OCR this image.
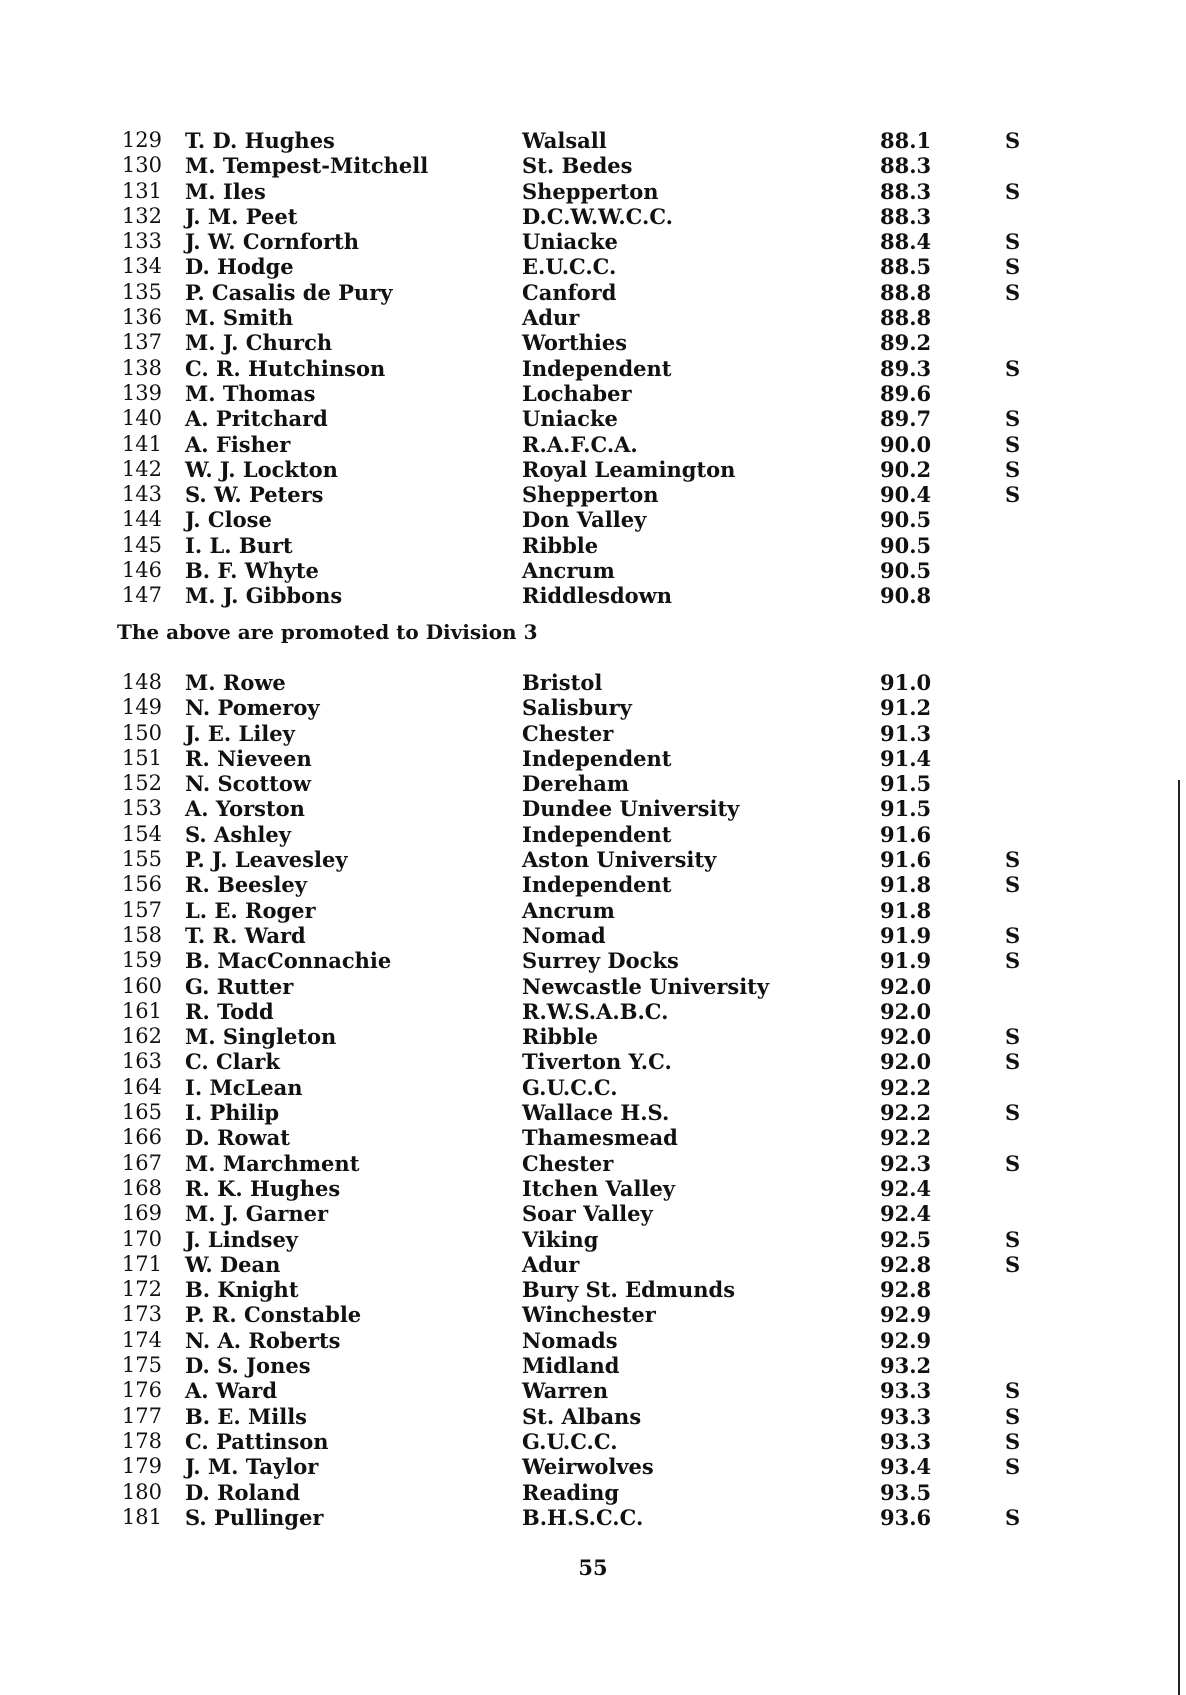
129 T. D. Hughes	Walsall	88.1	S
130 M. Tempest-Mitchell	St. Bedes	88.3
131 M. Iles	Shepperton	88.3	S
132 J. M. Peet	D.C.W.W.C.C.	88.3
133 J. W. Cornforth	Uniacke	88.4	S
134 D. Hodge	E.U.C.C.	88.5	S
135 P. Casalis de Pury	Canford	88.8	S
136 M. Smith	Adur	88.8
137 M. J. Church	Worthies	89.2
138 C. R. Hutchinson	Independent	89.3	S
139 M. Thomas	Lochaber	89.6
140 A. Pritchard	Uniacke	89.7	S
141 A. Fisher	R.A.F.C.A.	90.0	S
142 W. J. Lockton	Royal Leamington	90.2	S
143 S. W. Peters	Shepperton	90.4	S
144 J. Close	Don Valley	90.5
145 I. L. Burt	Ribble	90.5
146 B. F. Whyte	Ancrum	90.5
147 M. J. Gibbons	Riddlesdown	90.8
The above are promoted to Division 3
148 M. Rowe	Bristol	91.0
149 N. Pomeroy	Salisbury	91.2
150 J. E. Liley	Chester	91.3
151 R. Nieveen	Independent	91.4
152 N. Scottow	Dereham	91.5
153 A. Yorston	Dundee University	91.5
154 S. Ashley	Independent	91.6
155 P. J. Leavesley	Aston University	91.6	S
156 R. Beesley	Independent	91.8	S
157 L. E. Roger	Ancrum	91.8
158 T. R. Ward	Nomad	91.9	S
159 B. MacConnachie	Surrey Docks	91.9	S
160 G. Rutter	Newcastle University	92.0
161 R. Todd	R.W.S.A.B.C.	92.0
162 M. Singleton	Ribble	92.0	S
163 C. Clark	Tiverton Y.C.	92.0	S
164 I. McLean	G.U.C.C.	92.2
165 I. Philip	Wallace H.S.	92.2	S
166 D. Rowat	Thamesmead	92.2
167 M. Marchment	Chester	92.3	S
168 R. K. Hughes	Itchen Valley	92.4
169 M. J. Garner	Soar Valley	92.4
170 J. Lindsey	Viking	92.5	S
171 W. Dean	Adur	92.8	S
172 B. Knight	Bury St. Edmunds	92.8
173 P. R. Constable	Winchester	92.9
174 N. A. Roberts	Nomads	92.9
175 D. S. Jones	Midland	93.2
176 A. Ward	Warren	93.3	S
177 B. E. Mills	St. Albans	93.3	S
178 C. Pattinson	G.U.C.C.	93.3	S
179 J. M. Taylor	Weirwolves	93.4	S
180 D. Roland	Reading	93.5
181 S. Pullinger	B.H.S.C.C.	93.6	S
55
